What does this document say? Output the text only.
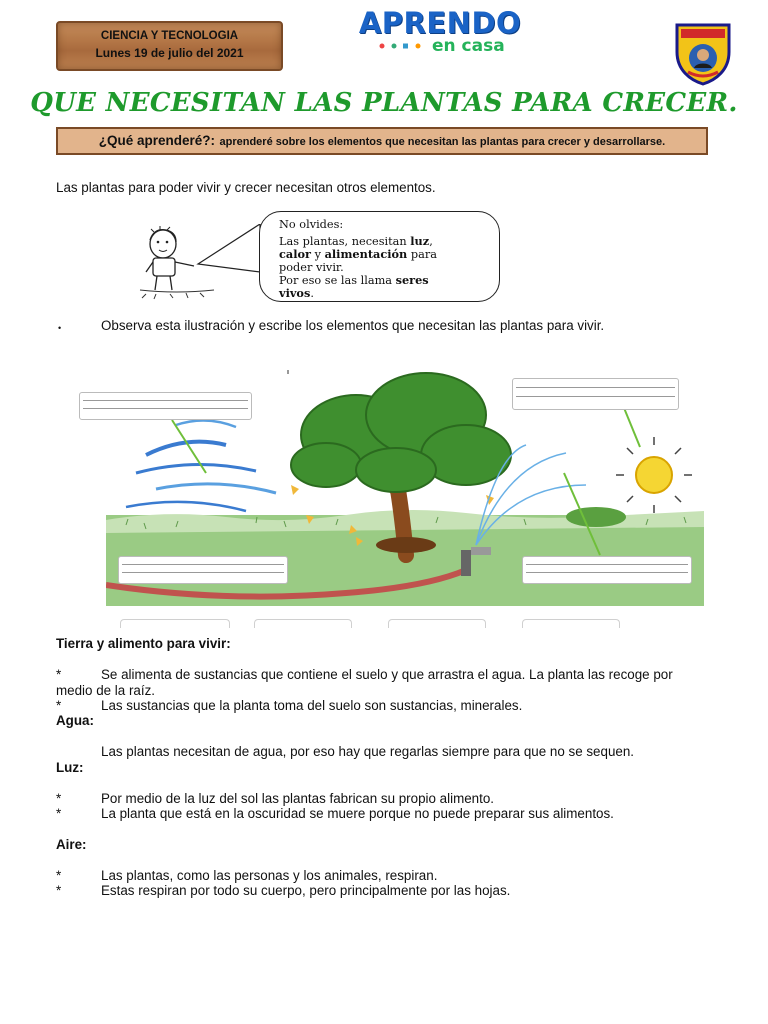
CIENCIA Y TECNOLOGIA
Lunes 19 de julio del 2021
APRENDO
en casa
QUE NECESITAN LAS PLANTAS PARA CRECER.
¿Qué aprenderé?: aprenderé sobre los elementos que necesitan las plantas para crecer y desarrollarse.
Las plantas para poder vivir y crecer necesitan otros elementos.
No olvides:
Las plantas, necesitan luz,
calor y alimentación para
poder vivir.
Por eso se las llama seres
vivos.
•	Observa esta ilustración y escribe los elementos que necesitan las plantas para vivir.
Tierra y alimento para vivir:
*	Se alimenta de sustancias que contiene el suelo y que arrastra el agua. La planta las recoge por
medio de la raíz.
*	Las sustancias que la planta toma del suelo son sustancias, minerales.
Agua:
Las plantas necesitan de agua, por eso hay que regarlas siempre para que no se sequen.
Luz:
*	Por medio de la luz del sol las plantas fabrican su propio alimento.
*	La planta que está en la oscuridad se muere porque no puede preparar sus alimentos.
Aire:
*	Las plantas, como las personas y los animales, respiran.
*	Estas respiran por todo su cuerpo, pero principalmente por las hojas.
